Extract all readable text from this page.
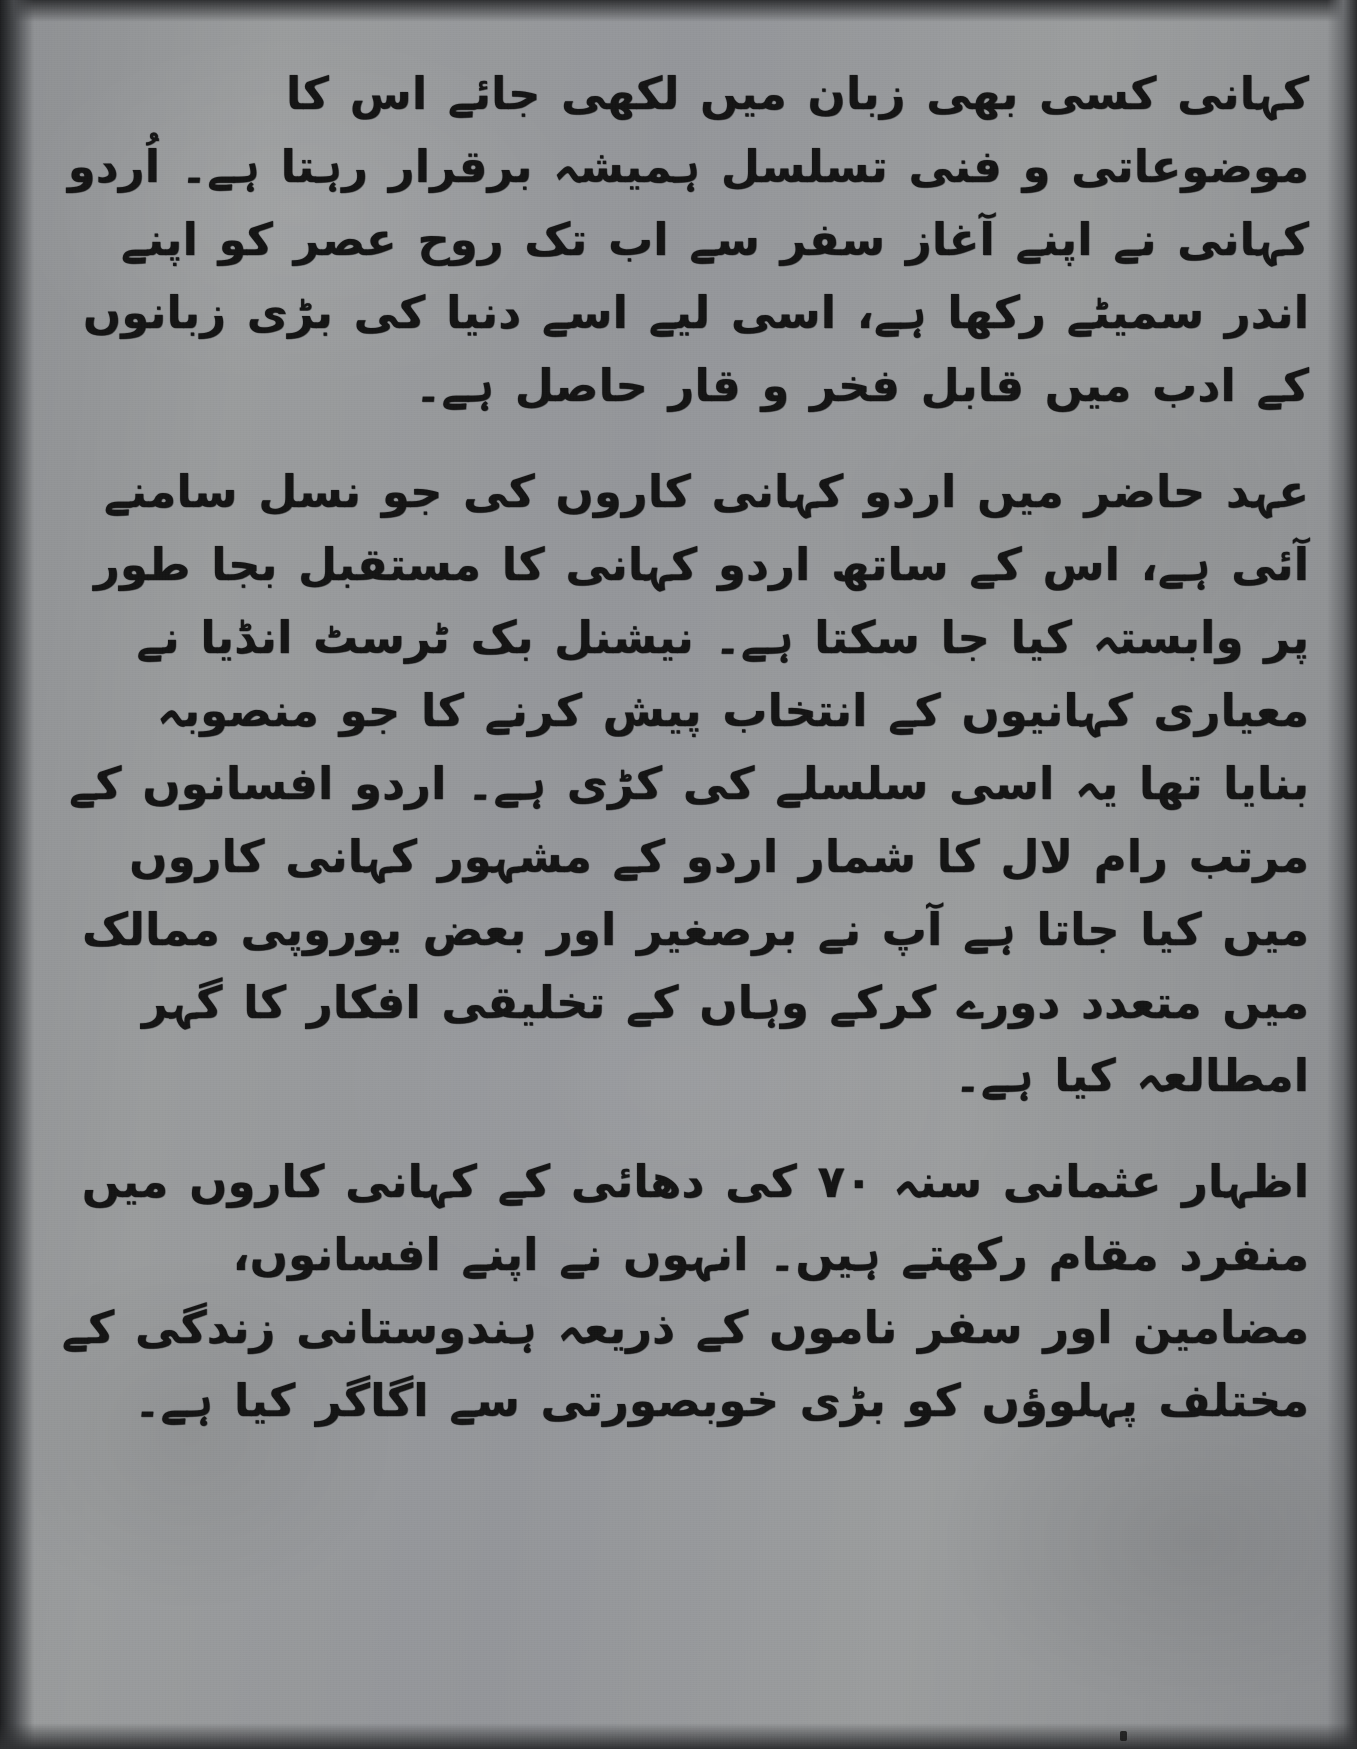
کہانی کسی بھی زبان میں لکھی جائے اس کا موضوعاتی و فنی تسلسل ہمیشہ برقرار رہتا ہے۔ اُردو کہانی نے اپنے آغاز سفر سے اب تک روح عصر کو اپنے اندر سمیٹے رکھا ہے، اسی لیے اسے دنیا کی بڑی زبانوں کے ادب میں قابل فخر و قار حاصل ہے۔

عہد حاضر میں اردو کہانی کاروں کی جو نسل سامنے آئی ہے، اس کے ساتھ اردو کہانی کا مستقبل بجا طور پر وابستہ کیا جا سکتا ہے۔ نیشنل بک ٹرسٹ انڈیا نے معیاری کہانیوں کے انتخاب پیش کرنے کا جو منصوبہ بنایا تھا یہ اسی سلسلے کی کڑی ہے۔ اردو افسانوں کے مرتب رام لال کا شمار اردو کے مشہور کہانی کاروں میں کیا جاتا ہے آپ نے برصغیر اور بعض یوروپی ممالک میں متعدد دورے کرکے وہاں کے تخلیقی افکار کا گہر امطالعہ کیا ہے۔

اظہار عثمانی سنہ ۷۰ کی دھائی کے کہانی کاروں میں منفرد مقام رکھتے ہیں۔ انہوں نے اپنے افسانوں، مضامین اور سفر ناموں کے ذریعہ ہندوستانی زندگی کے مختلف پہلوؤں کو بڑی خوبصورتی سے اگاگر کیا ہے۔
